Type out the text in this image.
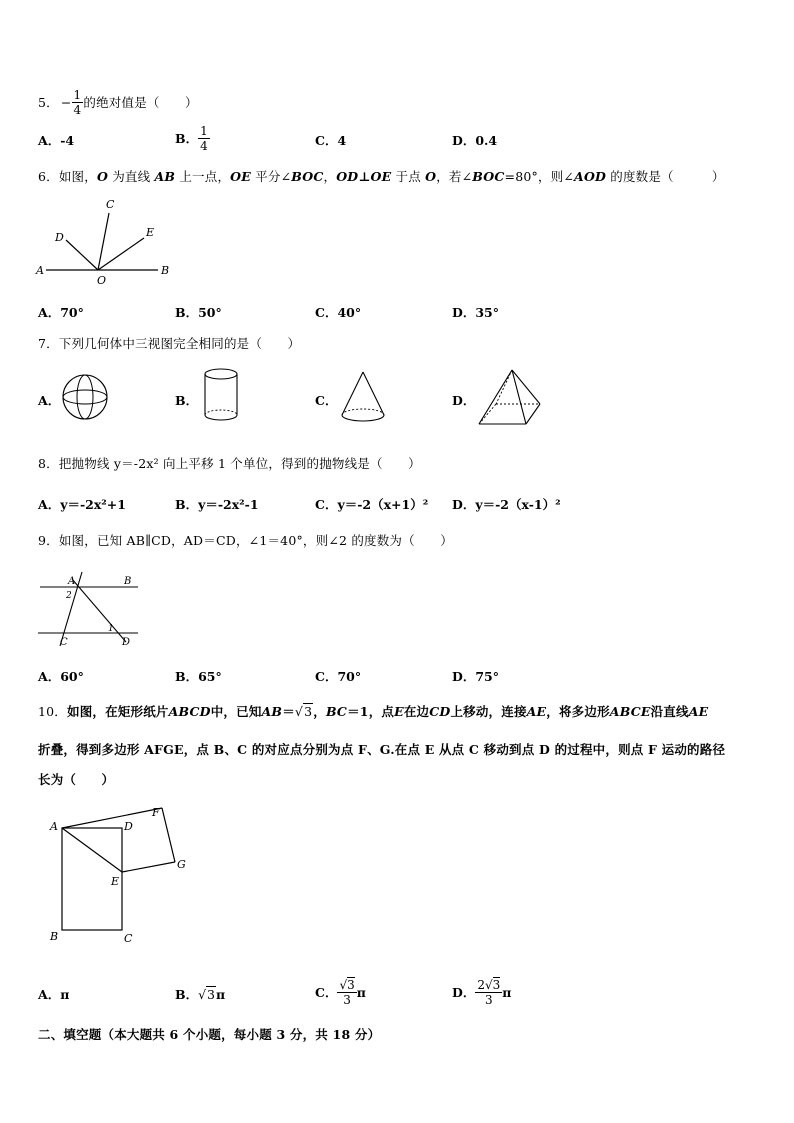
5． − $\frac{1}{4}$ 的绝对值是（　　）
A．-4	B． $\frac{1}{4}$	C．4	D．0.4
6．如图，O 为直线 AB 上一点，OE 平分∠BOC，OD⊥OE 于点 O，若∠BOC=80°，则∠AOD 的度数是（　　　）
A	B
C
D	E
O
A．70°	B．50°	C．40°	D．35°
7．下列几何体中三视图完全相同的是（　　）
A．	B．	C．	D．
8．把抛物线 y＝-2x² 向上平移 1 个单位，得到的抛物线是（　　）
A．y＝-2x²+1	B．y＝-2x²-1	C．y＝-2（x+1）² D．y＝-2（x-1）²
9．如图，已知 AB∥CD，AD＝CD，∠1＝40°，则∠2 的度数为（　　）
A	B
C	D
1
2
A．60°	B．65°	C．70°	D．75°
10． 如图，在矩形纸片 ABCD 中，已知 AB ＝ √3 ， BC ＝1，点 E 在边 CD 上移动，连接 AE ，将多边形 ABCE 沿直线 AE
折叠，得到多边形 AFGE，点 B、C 的对应点分别为点 F、G.在点 E 从点 C 移动到点 D 的过程中，则点 F 运动的路径
长为（　　）
A	D
F
G
E
B	C
A．π	B．√3π	C． $\frac{√3}{3}$ π	D． $\frac{2√3}{3}$ π
二、填空题（本大题共 6 个小题，每小题 3 分，共 18 分）
